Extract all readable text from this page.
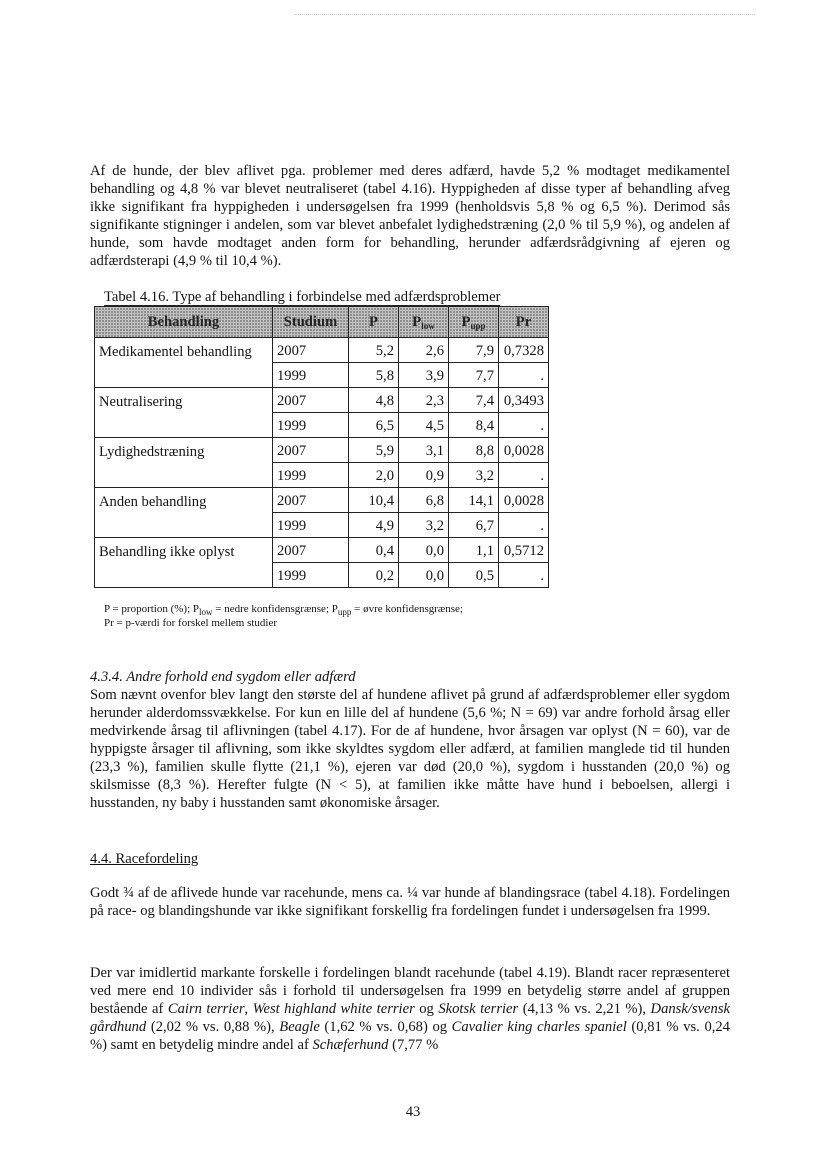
Af de hunde, der blev aflivet pga. problemer med deres adfærd, havde 5,2 % modtaget medikamentel behandling og 4,8 % var blevet neutraliseret (tabel 4.16). Hyppigheden af disse typer af behandling afveg ikke signifikant fra hyppigheden i undersøgelsen fra 1999 (henholdsvis 5,8 % og 6,5 %). Derimod sås signifikante stigninger i andelen, som var blevet anbefalet lydighedstræning (2,0 % til 5,9 %), og andelen af hunde, som havde modtaget anden form for behandling, herunder adfærdsrådgivning af ejeren og adfærdsterapi (4,9 % til 10,4 %).

Tabel 4.16. Type af behandling i forbindelse med adfærdsproblemer
Behandling	Studium	P	$P_{low}$	$P_{upp}$	Pr
Medikamentel behandling	2007	5,2	2,6	7,9	0,7328
	1999	5,8	3,9	7,7	.
Neutralisering	2007	4,8	2,3	7,4	0,3493
	1999	6,5	4,5	8,4	.
Lydighedstræning	2007	5,9	3,1	8,8	0,0028
	1999	2,0	0,9	3,2	.
Anden behandling	2007	10,4	6,8	14,1	0,0028
	1999	4,9	3,2	6,7	.
Behandling ikke oplyst	2007	0,4	0,0	1,1	0,5712
	1999	0,2	0,0	0,5	.
P = proportion (%); $P_{low}$ = nedre konfidensgrænse; $P_{upp}$ = øvre konfidensgrænse;
Pr = p-værdi for forskel mellem studier

4.3.4. Andre forhold end sygdom eller adfærd

Som nævnt ovenfor blev langt den største del af hundene aflivet på grund af adfærdsproblemer eller sygdom herunder alderdomssvækkelse. For kun en lille del af hundene (5,6 %; N = 69) var andre forhold årsag eller medvirkende årsag til aflivningen (tabel 4.17). For de af hundene, hvor årsagen var oplyst (N = 60), var de hyppigste årsager til aflivning, som ikke skyldtes sygdom eller adfærd, at familien manglede tid til hunden (23,3 %), familien skulle flytte (21,1 %), ejeren var død (20,0 %), sygdom i husstanden (20,0 %) og skilsmisse (8,3 %). Herefter fulgte (N < 5), at familien ikke måtte have hund i beboelsen, allergi i husstanden, ny baby i husstanden samt økonomiske årsager.

4.4. Racefordeling

Godt ¾ af de aflivede hunde var racehunde, mens ca. ¼ var hunde af blandingsrace (tabel 4.18). Fordelingen på race- og blandingshunde var ikke signifikant forskellig fra fordelingen fundet i undersøgelsen fra 1999.

Der var imidlertid markante forskelle i fordelingen blandt racehunde (tabel 4.19). Blandt racer repræsenteret ved mere end 10 individer sås i forhold til undersøgelsen fra 1999 en betydelig større andel af gruppen bestående af Cairn terrier, West highland white terrier og Skotsk terrier (4,13 % vs. 2,21 %), Dansk/svensk gårdhund (2,02 % vs. 0,88 %), Beagle (1,62 % vs. 0,68) og Cavalier king charles spaniel (0,81 % vs. 0,24 %) samt en betydelig mindre andel af Schæferhund (7,77 %

43
